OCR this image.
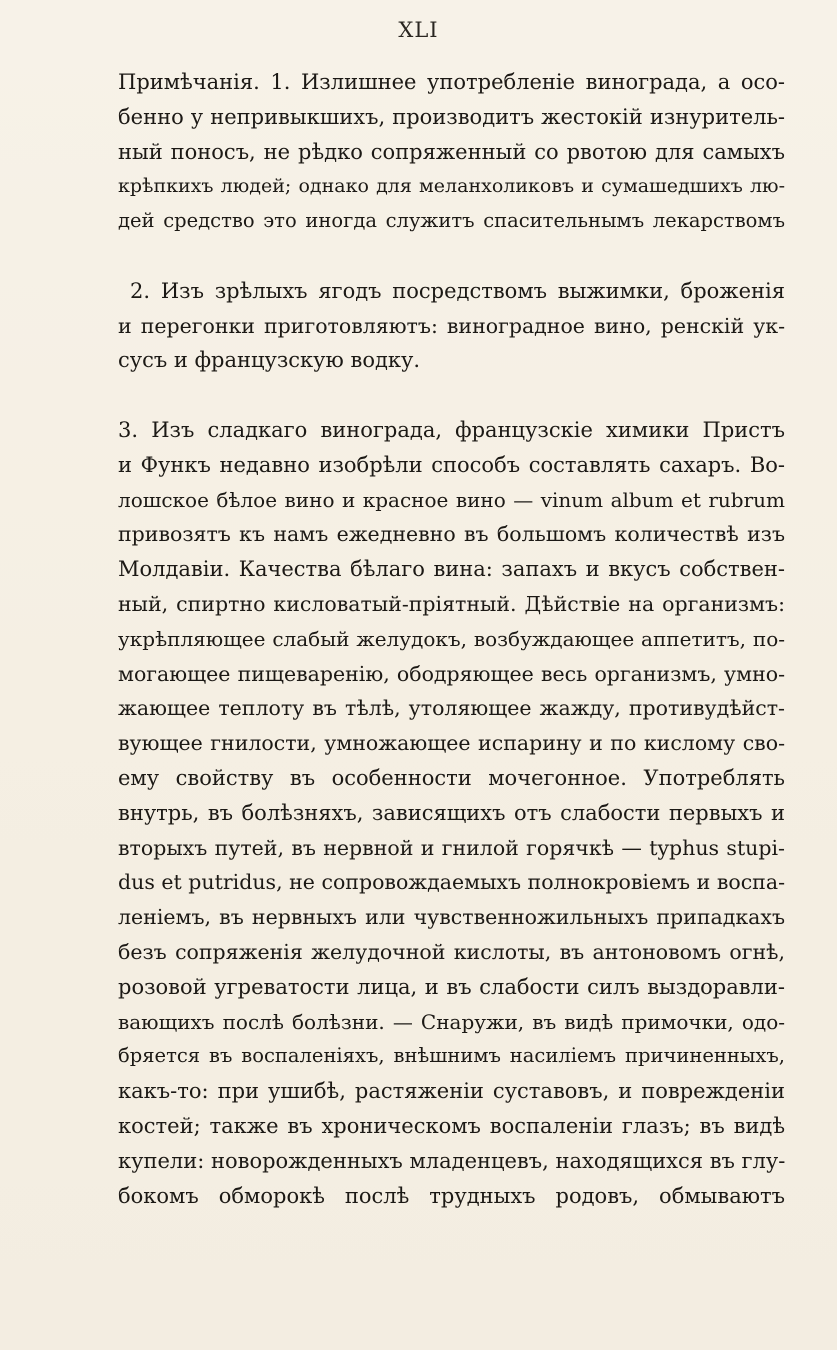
XLI
Примѣчанія. 1. Излишнее употребленіе винограда, а осо-
бенно у непривыкшихъ, производитъ жестокій изнуритель-
ный поносъ, не рѣдко сопряженный со рвотою для самыхъ
крѣпкихъ людей; однако для меланхоликовъ и сумашедшихъ лю-
дей средство это иногда служитъ спасительнымъ лекарствомъ
2. Изъ зрѣлыхъ ягодъ посредствомъ выжимки, броженія
и перегонки приготовляютъ: виноградное вино, ренскій ук-
сусъ и французскую водку.
3. Изъ сладкаго винограда, французскіе химики Пристъ
и Функъ недавно изобрѣли способъ составлять сахаръ. Во-
лошское бѣлое вино и красное вино — vinum album et rubrum
привозятъ къ намъ ежедневно въ большомъ количествѣ изъ
Молдавіи. Качества бѣлаго вина: запахъ и вкусъ собствен-
ный, спиртно кисловатый-пріятный. Дѣйствіе на организмъ:
укрѣпляющее слабый желудокъ, возбуждающее аппетитъ, по-
могающее пищеваренію, ободряющее весь организмъ, умно-
жающее теплоту въ тѣлѣ, утоляющее жажду, противудѣйст-
вующее гнилости, умножающее испарину и по кислому сво-
ему свойству въ особенности мочегонное. Употреблять
внутрь, въ болѣзняхъ, зависящихъ отъ слабости первыхъ и
вторыхъ путей, въ нервной и гнилой горячкѣ — typhus stupi-
dus et putridus, не сопровождаемыхъ полнокровіемъ и воспа-
леніемъ, въ нервныхъ или чувственножильныхъ припадкахъ
безъ сопряженія желудочной кислоты, въ антоновомъ огнѣ,
розовой угреватости лица, и въ слабости силъ выздоравли-
вающихъ послѣ болѣзни. — Снаружи, въ видѣ примочки, одо-
бряется въ воспаленіяхъ, внѣшнимъ насиліемъ причиненныхъ,
какъ-то: при ушибѣ, растяженіи суставовъ, и поврежденіи
костей; также въ хроническомъ воспаленіи глазъ; въ видѣ
купели: новорожденныхъ младенцевъ, находящихся въ глу-
бокомъ обморокѣ послѣ трудныхъ родовъ, обмываютъ
